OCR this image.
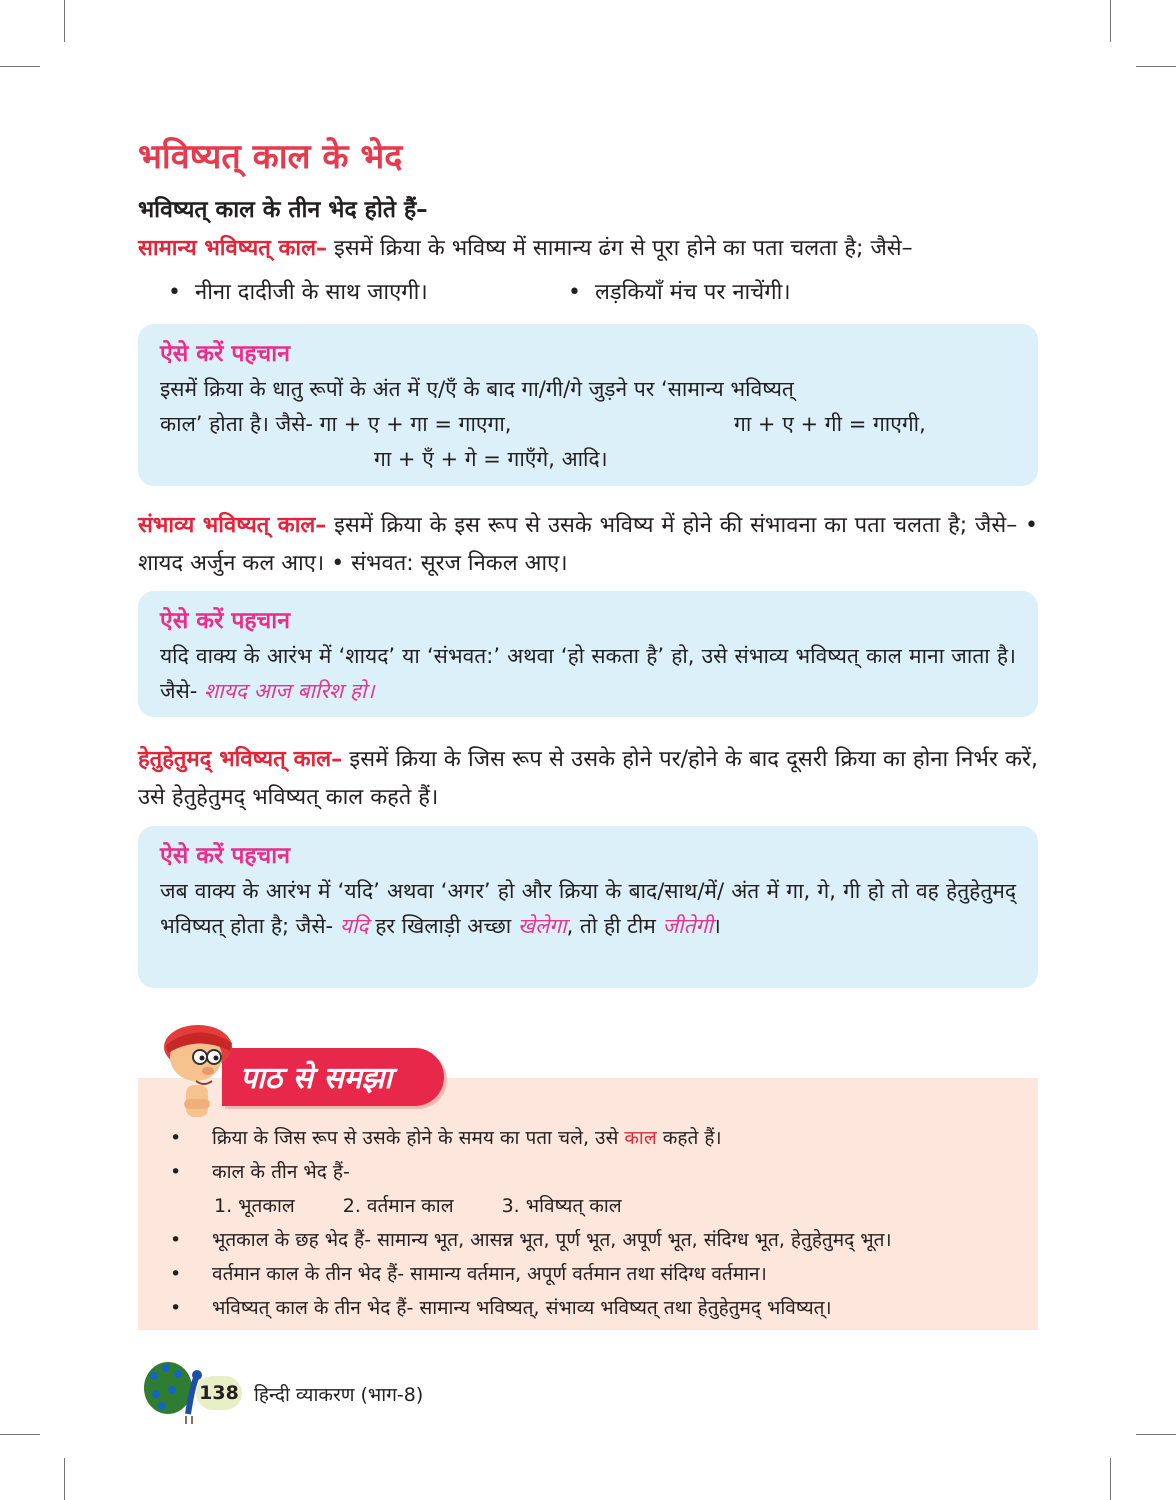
भविष्यत् काल के भेद

भविष्यत् काल के तीन भेद होते हैं–

सामान्य भविष्यत् काल– इसमें क्रिया के भविष्य में सामान्य ढंग से पूरा होने का पता चलता है; जैसे–

• नीना दादीजी के साथ जाएगी।	• लड़कियाँ मंच पर नाचेंगी।

ऐसे करें पहचान

इसमें क्रिया के धातु रूपों के अंत में ए/एँ के बाद गा/गी/गे जुड़ने पर ‘सामान्य भविष्यत्

काल’ होता है। जैसे- गा + ए + गा = गाएगा,	गा + ए + गी = गाएगी,

गा + एँ + गे = गाएँगे, आदि।

संभाव्य भविष्यत् काल– इसमें क्रिया के इस रूप से उसके भविष्य में होने की संभावना का पता चलता है; जैसे– • शायद अर्जुन कल आए। • संभवत: सूरज निकल आए।

ऐसे करें पहचान

यदि वाक्य के आरंभ में ‘शायद’ या ‘संभवत:’ अथवा ‘हो सकता है’ हो, उसे संभाव्य भविष्यत् काल माना जाता है। जैसे- शायद आज बारिश हो।

हेतुहेतुमद् भविष्यत् काल– इसमें क्रिया के जिस रूप से उसके होने पर/होने के बाद दूसरी क्रिया का होना निर्भर करें, उसे हेतुहेतुमद् भविष्यत् काल कहते हैं।

ऐसे करें पहचान

जब वाक्य के आरंभ में ‘यदि’ अथवा ‘अगर’ हो और क्रिया के बाद/साथ/में/ अंत में गा, गे, गी हो तो वह हेतुहेतुमद् भविष्यत् होता है; जैसे- यदि हर खिलाड़ी अच्छा खेलेगा, तो ही टीम जीतेगी।

पाठ से समझा
• क्रिया के जिस रूप से उसके होने के समय का पता चले, उसे काल कहते हैं।
• काल के तीन भेद हैं-
1. भूतकाल	2. वर्तमान काल	3. भविष्यत् काल
• भूतकाल के छह भेद हैं- सामान्य भूत, आसन्न भूत, पूर्ण भूत, अपूर्ण भूत, संदिग्ध भूत, हेतुहेतुमद् भूत।
• वर्तमान काल के तीन भेद हैं- सामान्य वर्तमान, अपूर्ण वर्तमान तथा संदिग्ध वर्तमान।
• भविष्यत् काल के तीन भेद हैं- सामान्य भविष्यत्, संभाव्य भविष्यत् तथा हेतुहेतुमद् भविष्यत्।
138 हिन्दी व्याकरण (भाग-8)
